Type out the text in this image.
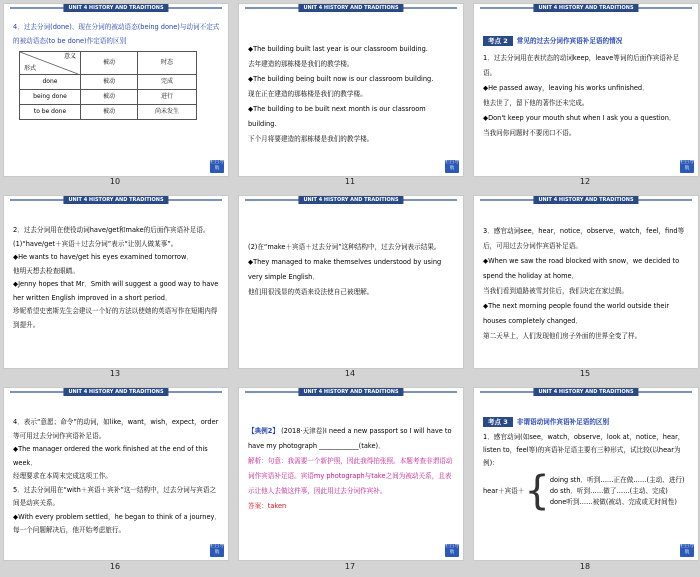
UNIT 4 HISTORY AND TRADITIONS

4．过去分词(done)、现在分词的被动语态(being done)与动词不定式的被动语态(to be done)作定语的区别

意义
形式	被动	时态
done	被动	完成
being done	被动	进行
to be done	被动	尚未发生
栏目导航
10
UNIT 4 HISTORY AND TRADITIONS

◆The building built last year is our classroom building.

去年建造的那栋楼是我们的教学楼。

◆The building being built now is our classroom building.

现在正在建造的那栋楼是我们的教学楼。

◆The building to be built next month is our classroom building.

下个月将要建造的那栋楼是我们的教学楼。

栏目导航
11
UNIT 4 HISTORY AND TRADITIONS

考点 2 常见的过去分词作宾语补足语的情况

1．过去分词用在表状态的动词keep，leave等词的后面作宾语补足语。

◆He passed away，leaving his works unfinished．

他去世了，留下他的著作还未完成。

◆Don't keep your mouth shut when I ask you a question．

当我问你问题时不要闭口不语。

栏目导航
12
UNIT 4 HISTORY AND TRADITIONS

2．过去分词用在使役动词have/get和make的后面作宾语补足语。

(1)“have/get＋宾语＋过去分词”表示“让别人做某事”。

◆He wants to have/get his eyes examined tomorrow．

他明天想去检查眼睛。

◆Jenny hopes that Mr．Smith will suggest a good way to have her written English improved in a short period．

珍妮希望史密斯先生会建议一个好的方法以使她的英语写作在短期内得到提升。

13
UNIT 4 HISTORY AND TRADITIONS

(2)在“make＋宾语＋过去分词”这种结构中，过去分词表示结果。

◆They managed to make themselves understood by using very simple English．

他们用很浅显的英语来设法使自己被理解。

14
UNIT 4 HISTORY AND TRADITIONS

3．感官动词see，hear，notice，observe，watch，feel，find等后，可用过去分词作宾语补足语。

◆When we saw the road blocked with snow，we decided to spend the holiday at home．

当我们看到道路被雪封住后，我们决定在家过假。

◆The next morning people found the world outside their houses completely changed．

第二天早上，人们发现他们房子外面的世界全变了样。

15
UNIT 4 HISTORY AND TRADITIONS

4．表示“意愿；命令”的动词，如like，want，wish，expect，order等可用过去分词作宾语补足语。

◆The manager ordered the work finished at the end of this week．

经理要求在本周末完成这项工作。

5．过去分词用在“with＋宾语＋宾补”这一结构中，过去分词与宾语之间是动宾关系。

◆With every problem settled，he began to think of a journey．　每一个问题解决后，他开始考虑旅行。

栏目导航
16
UNIT 4 HISTORY AND TRADITIONS

【典例2】 (2018·天津卷)I need a new passport so I will have to have my photograph ____________(take)．

解析：句意：我需要一个新护照，因此我得拍张照。本题考查非谓语动词作宾语补足语。宾语my photograph与take之间为被动关系，且表示让他人去做这件事，因此用过去分词作宾补。

答案：taken

栏目导航
17
UNIT 4 HISTORY AND TRADITIONS

考点 3 非谓语动词作宾语补足语的区别

1．感官动词(如see，watch，observe，look at，notice，hear，listen to，feel等)的宾语补足语主要有三种形式，试比较(以hear为例)：

hear＋宾语＋ { doing sth．听到……正在做……(主动、进行)

do sth．听到……做了……(主动、完成)

done听到……被做(被动、完成或无时间性)

栏目导航
18
